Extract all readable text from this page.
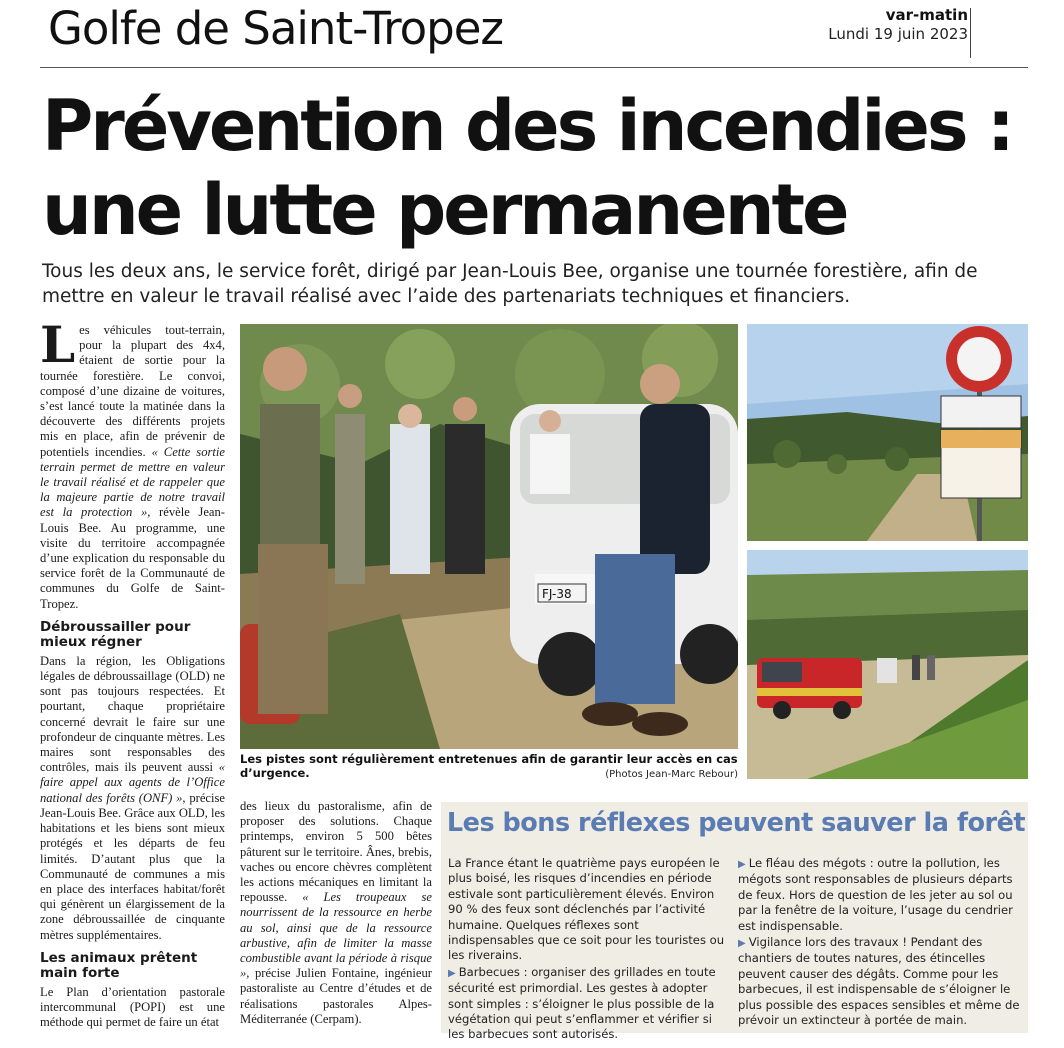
Golfe de Saint-Tropez	var-matin
Lundi 19 juin 2023
Prévention des incendies :
une lutte permanente
Tous les deux ans, le service forêt, dirigé par Jean-Louis Bee, organise une tournée forestière, afin de mettre en valeur le travail réalisé avec l’aide des partenariats techniques et financiers.

Les véhicules tout-terrain, pour la plupart des 4x4, étaient de sortie pour la tournée forestière. Le convoi, composé d’une dizaine de voitures, s’est lancé toute la matinée dans la découverte des différents projets mis en place, afin de prévenir de potentiels incendies. « Cette sortie terrain permet de mettre en valeur le travail réalisé et de rappeler que la majeure partie de notre travail est la protection », révèle Jean-Louis Bee. Au programme, une visite du territoire accompagnée d’une explication du responsable du service forêt de la Communauté de communes du Golfe de Saint-Tropez.

Débroussailler pour mieux régner

Dans la région, les Obligations légales de débroussaillage (OLD) ne sont pas toujours respectées. Et pourtant, chaque propriétaire concerné devrait le faire sur une profondeur de cinquante mètres. Les maires sont responsables des contrôles, mais ils peuvent aussi « faire appel aux agents de l’Office national des forêts (ONF) », précise Jean-Louis Bee. Grâce aux OLD, les habitations et les biens sont mieux protégés et les départs de feu limités. D’autant plus que la Communauté de communes a mis en place des interfaces habitat/forêt qui génèrent un élargissement de la zone débroussaillée de cinquante mètres supplémentaires.

Les animaux prêtent main forte

Le Plan d’orientation pastorale intercommunal (POPI) est une méthode qui permet de faire un état

des lieux du pastoralisme, afin de proposer des solutions. Chaque printemps, environ 5 500 bêtes pâturent sur le territoire. Ânes, brebis, vaches ou encore chèvres complètent les actions mécaniques en limitant la repousse. « Les troupeaux se nourrissent de la ressource en herbe au sol, ainsi que de la ressource arbustive, afin de limiter la masse combustible avant la période à risque », précise Julien Fontaine, ingénieur pastoraliste au Centre d’études et de réalisations pastorales Alpes-Méditerranée (Cerpam).

FJ-38
Les pistes sont régulièrement entretenues afin de garantir leur accès en cas d’urgence.	(Photos Jean-Marc Rebour)
Les bons réflexes peuvent sauver la forêt

La France étant le quatrième pays européen le plus boisé, les risques d’incendies en période estivale sont particulièrement élevés. Environ 90 % des feux sont déclenchés par l’activité humaine. Quelques réflexes sont indispensables que ce soit pour les touristes ou les riverains.

▶ Barbecues : organiser des grillades en toute sécurité est primordial. Les gestes à adopter sont simples : s’éloigner le plus possible de la végétation qui peut s’enflammer et vérifier si les barbecues sont autorisés.

▶ Le fléau des mégots : outre la pollution, les mégots sont responsables de plusieurs départs de feux. Hors de question de les jeter au sol ou par la fenêtre de la voiture, l’usage du cendrier est indispensable.

▶ Vigilance lors des travaux ! Pendant des chantiers de toutes natures, des étincelles peuvent causer des dégâts. Comme pour les barbecues, il est indispensable de s’éloigner le plus possible des espaces sensibles et même de prévoir un extincteur à portée de main.
